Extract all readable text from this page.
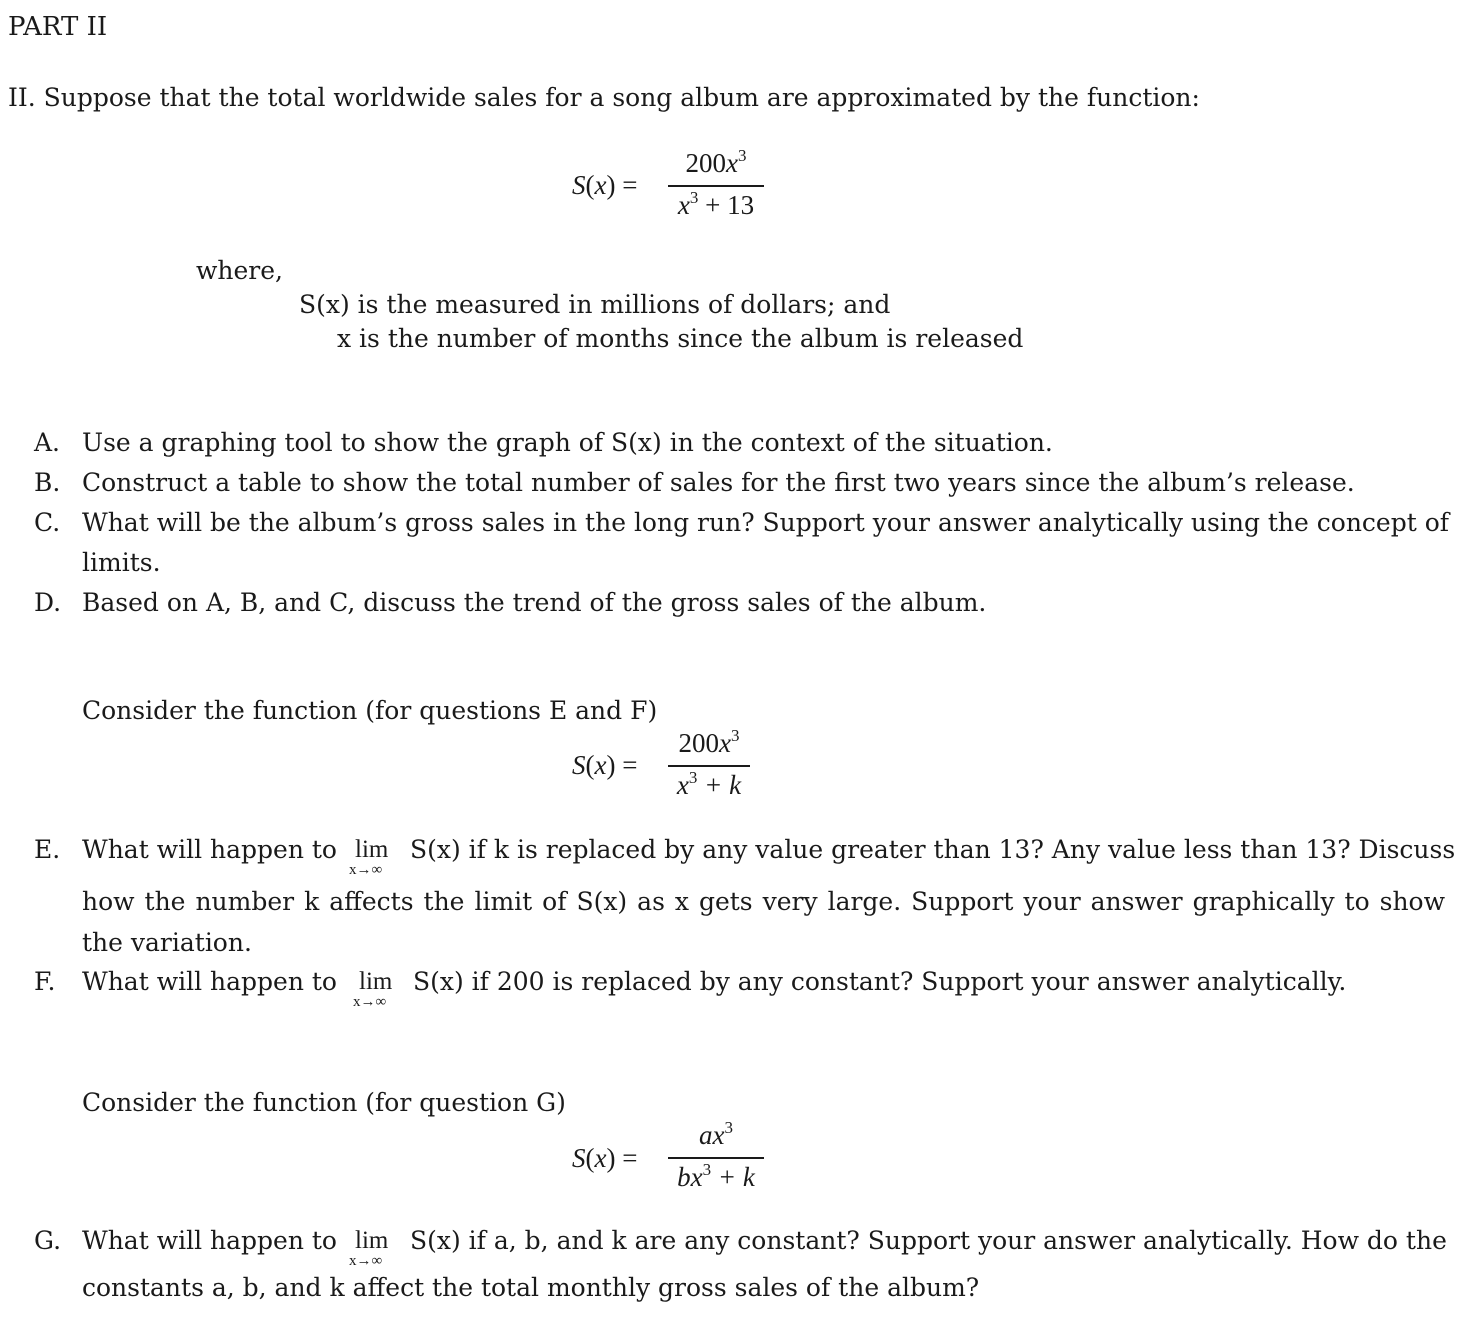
PART II
II. Suppose that the total worldwide sales for a song album are approximated by the function:
S(x) =
$200x^3$
$x^3 + 13$
where,
S(x) is the measured in millions of dollars; and
x is the number of months since the album is released
A. Use a graphing tool to show the graph of S(x) in the context of the situation.
B. Construct a table to show the total number of sales for the first two years since the album’s release.
C. What will be the album’s gross sales in the long run? Support your answer analytically using the concept of
limits.
D. Based on A, B, and C, discuss the trend of the gross sales of the album.
Consider the function (for questions E and F)
S(x) =
$200x^3$
$x^3 + k$
E. What will happen to lim
x→∞
S(x) if k is replaced by any value greater than 13? Any value less than 13? Discuss
how the number k affects the limit of S(x) as x gets very large. Support your answer graphically to show
the variation.
F. What will happen to lim
x→∞
S(x) if 200 is replaced by any constant? Support your answer analytically.
Consider the function (for question G)
S(x) =
$ax^3$
$bx^3 + k$
G. What will happen to lim
x→∞
S(x) if a, b, and k are any constant? Support your answer analytically. How do the
constants a, b, and k affect the total monthly gross sales of the album?
